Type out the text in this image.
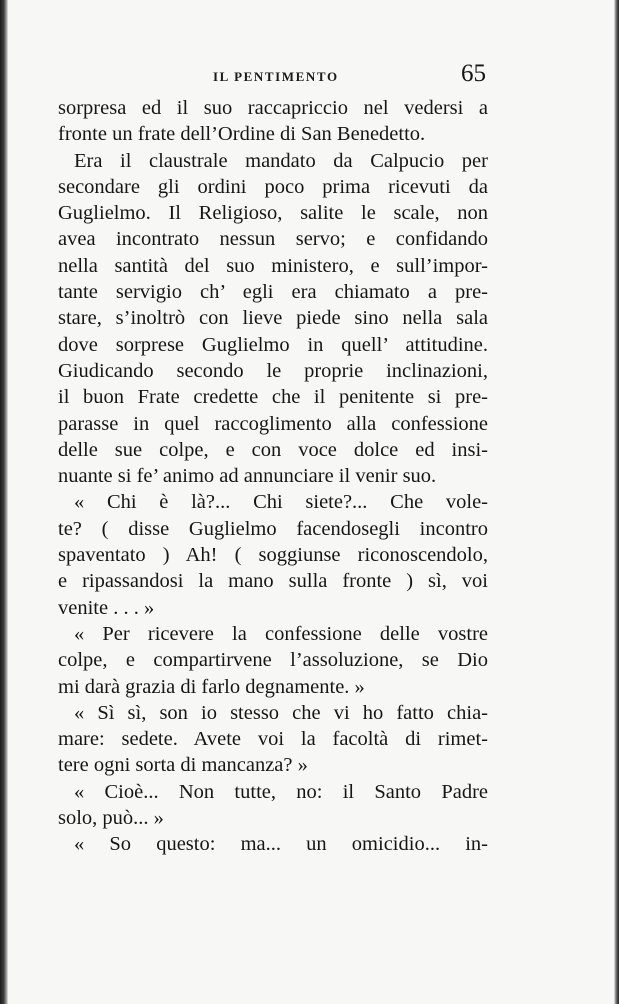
IL PENTIMENTO	65
sorpresa ed il suo raccapriccio nel vedersi a
fronte un frate dell’Ordine di San Benedetto.
Era il claustrale mandato da Calpucio per
secondare gli ordini poco prima ricevuti da
Guglielmo. Il Religioso, salite le scale, non
avea incontrato nessun servo; e confidando
nella santità del suo ministero, e sull’impor-
tante servigio ch’ egli era chiamato a pre-
stare, s’inoltrò con lieve piede sino nella sala
dove sorprese Guglielmo in quell’ attitudine.
Giudicando secondo le proprie inclinazioni,
il buon Frate credette che il penitente si pre-
parasse in quel raccoglimento alla confessione
delle sue colpe, e con voce dolce ed insi-
nuante si fe’ animo ad annunciare il venir suo.
« Chi è là?... Chi siete?... Che vole-
te? ( disse Guglielmo facendosegli incontro
spaventato ) Ah! ( soggiunse riconoscendolo,
e ripassandosi la mano sulla fronte ) sì, voi
venite . . . »
« Per ricevere la confessione delle vostre
colpe, e compartirvene l’assoluzione, se Dio
mi darà grazia di farlo degnamente. »
« Sì sì, son io stesso che vi ho fatto chia-
mare: sedete. Avete voi la facoltà di rimet-
tere ogni sorta di mancanza? »
« Cioè... Non tutte, no: il Santo Padre
solo, può... »
« So questo: ma... un omicidio... in-
